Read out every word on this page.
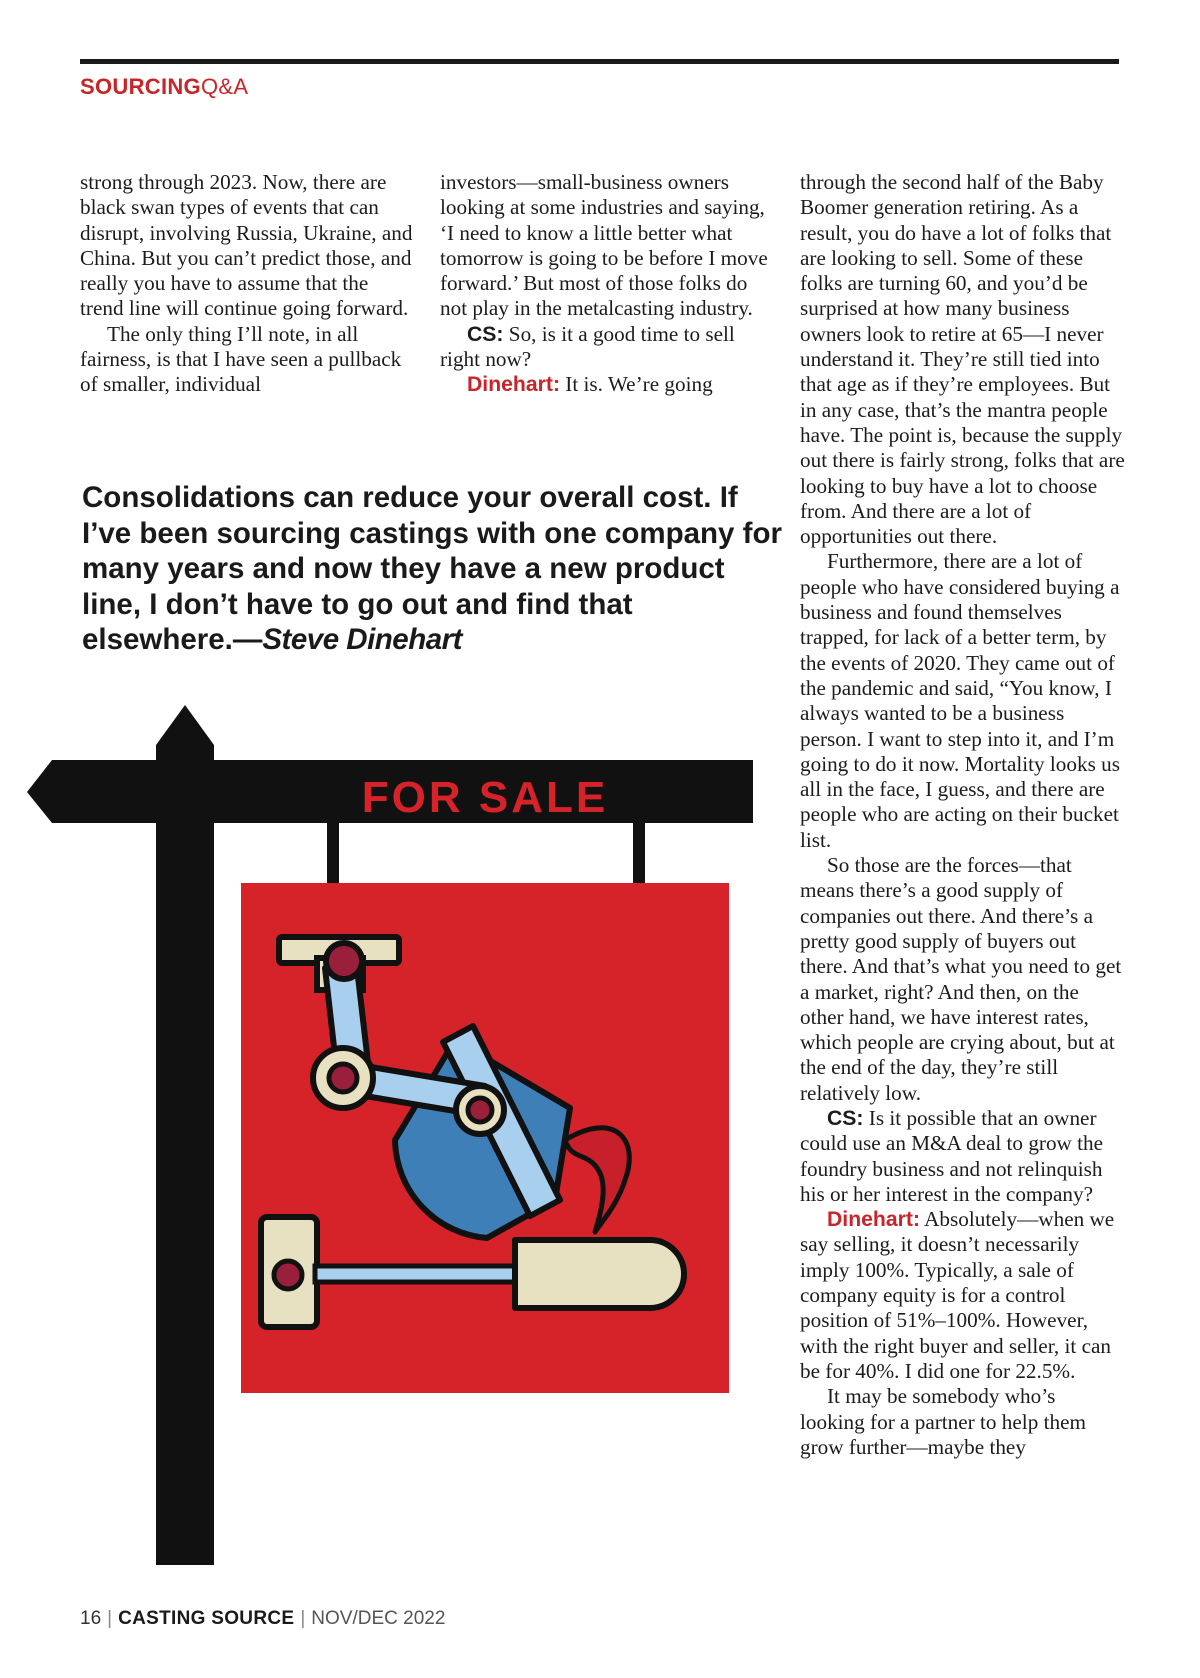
SOURCINGQ&A

strong through 2023. Now, there are black swan types of events that can disrupt, involving Russia, Ukraine, and China. But you can’t predict those, and really you have to assume that the trend line will continue going forward.

The only thing I’ll note, in all fairness, is that I have seen a pullback of smaller, individual

investors—small-business owners looking at some industries and saying, ‘I need to know a little better what tomorrow is going to be before I move forward.’ But most of those folks do not play in the metalcasting industry.

CS: So, is it a good time to sell right now?

Dinehart: It is. We’re going

through the second half of the Baby Boomer generation retiring. As a result, you do have a lot of folks that are looking to sell. Some of these folks are turning 60, and you’d be surprised at how many business owners look to retire at 65—I never understand it. They’re still tied into that age as if they’re employees. But in any case, that’s the mantra people have. The point is, because the supply out there is fairly strong, folks that are looking to buy have a lot to choose from. And there are a lot of opportunities out there.

Furthermore, there are a lot of people who have considered buying a business and found themselves trapped, for lack of a better term, by the events of 2020. They came out of the pandemic and said, “You know, I always wanted to be a business person. I want to step into it, and I’m going to do it now. Mortality looks us all in the face, I guess, and there are people who are acting on their bucket list.

So those are the forces—that means there’s a good supply of companies out there. And there’s a pretty good supply of buyers out there. And that’s what you need to get a market, right? And then, on the other hand, we have interest rates, which people are crying about, but at the end of the day, they’re still relatively low.

CS: Is it possible that an owner could use an M&A deal to grow the foundry business and not relinquish his or her interest in the company?

Dinehart: Absolutely—when we say selling, it doesn’t necessarily imply 100%. Typically, a sale of company equity is for a control position of 51%–100%. However, with the right buyer and seller, it can be for 40%. I did one for 22.5%.

It may be somebody who’s looking for a partner to help them grow further—maybe they

Consolidations can reduce your overall cost. If I’ve been sourcing castings with one company for many years and now they have a new product line, I don’t have to go out and find that elsewhere.—Steve Dinehart
FOR SALE
16 | CASTING SOURCE | NOV/DEC 2022
